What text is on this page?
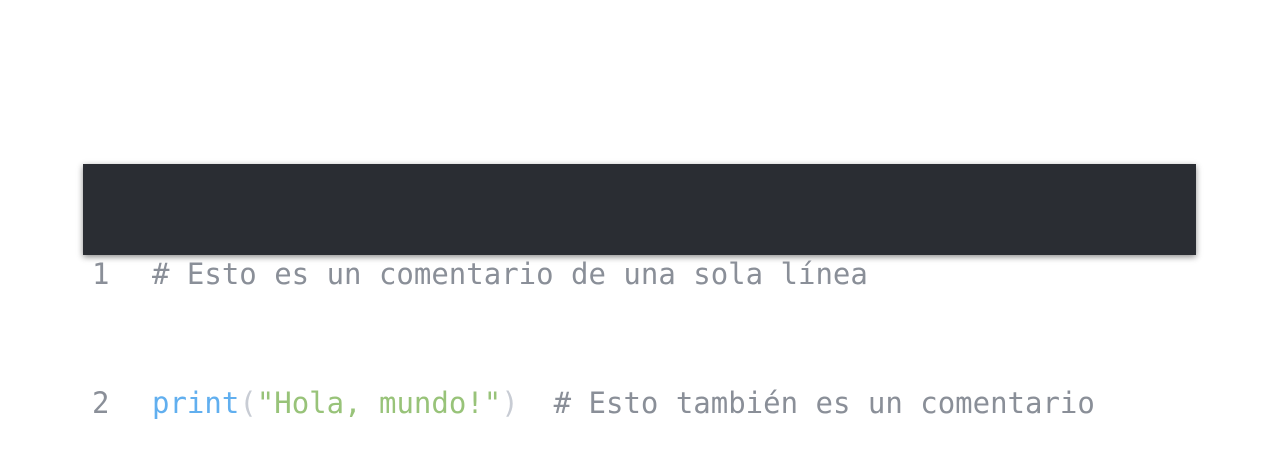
1	# Esto es un comentario de una sola línea

2	print("Hola, mundo!") # Esto también es un comentario
